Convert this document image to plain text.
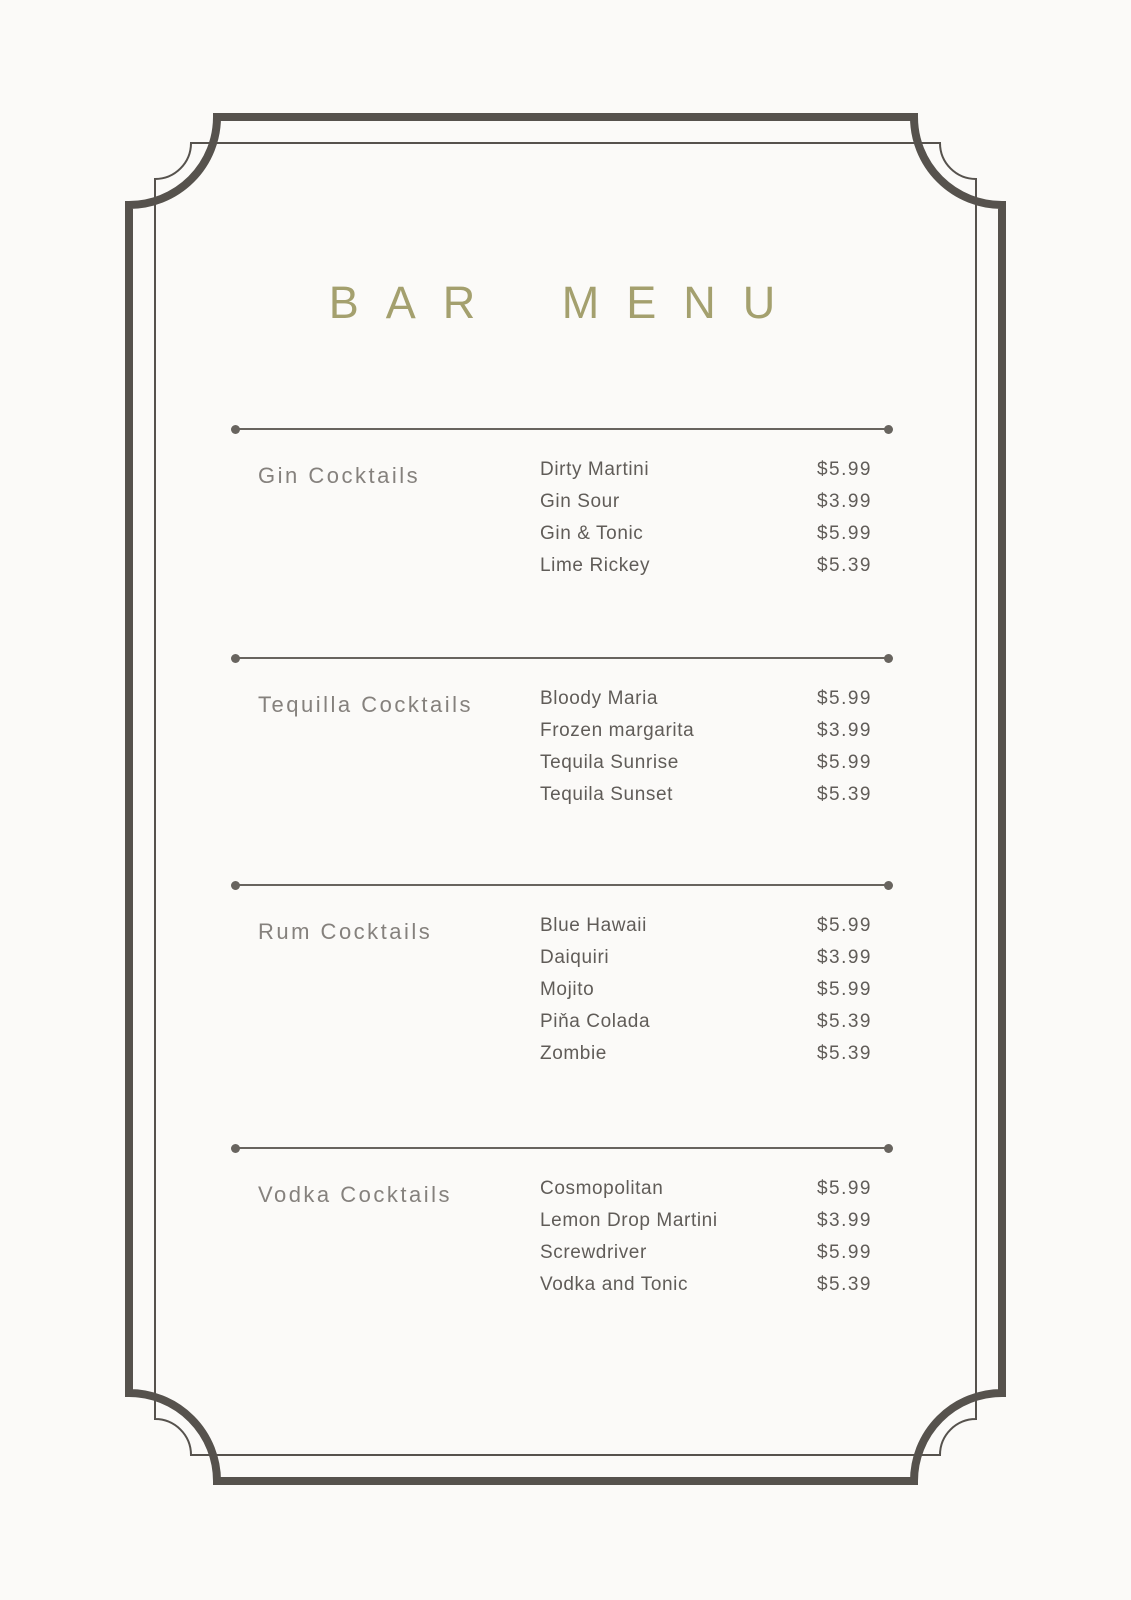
BAR MENU
Gin Cocktails	Dirty Martini	$5.99
Gin Sour	$3.99
Gin & Tonic	$5.99
Lime Rickey	$5.39
Tequilla Cocktails	Bloody Maria	$5.99
Frozen margarita	$3.99
Tequila Sunrise	$5.99
Tequila Sunset	$5.39
Rum Cocktails	Blue Hawaii	$5.99
Daiquiri	$3.99
Mojito	$5.99
Piňa Colada	$5.39
Zombie	$5.39
Vodka Cocktails	Cosmopolitan	$5.99
Lemon Drop Martini	$3.99
Screwdriver	$5.99
Vodka and Tonic	$5.39
